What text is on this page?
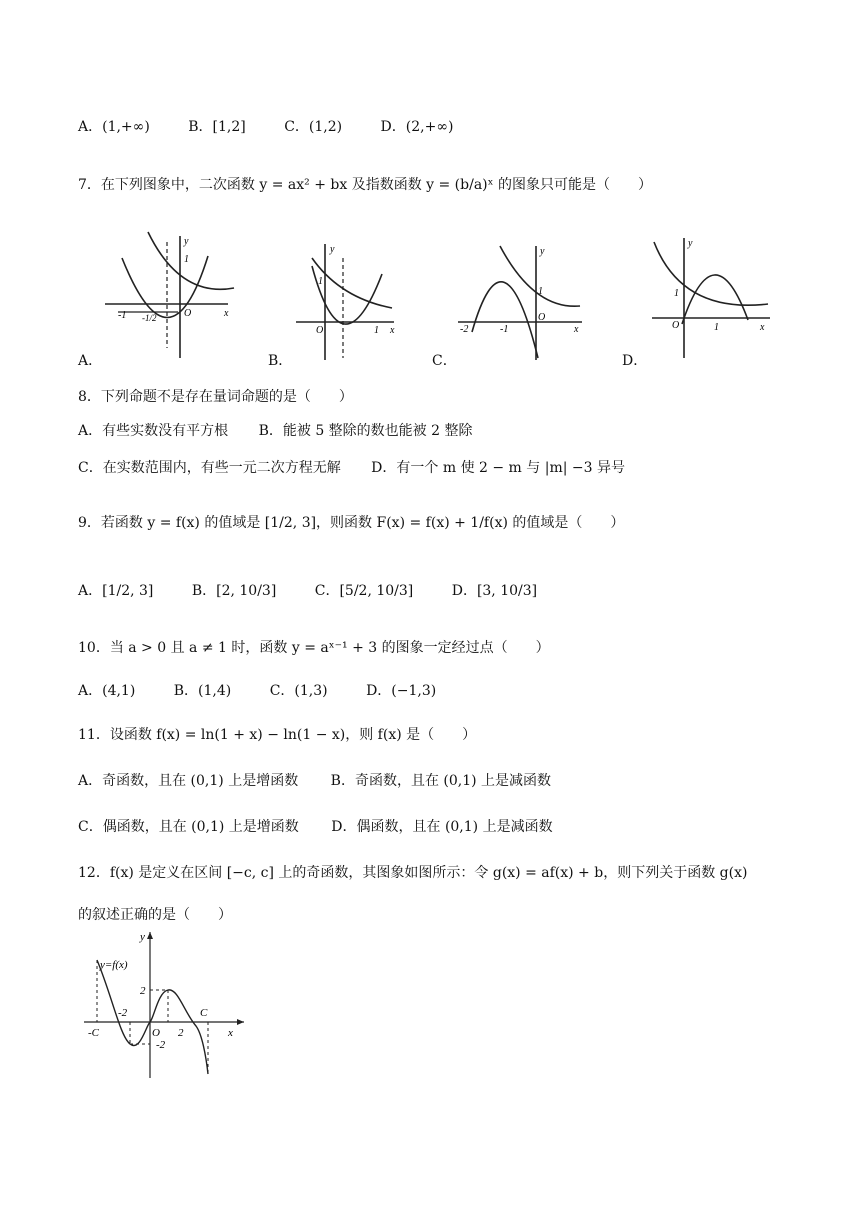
A．(1,+∞)	B．[1,2]	C．(1,2)	D．(2,+∞)
7．在下列图象中，二次函数 y = ax² + bx 及指数函数 y = (b/a)ˣ 的图象只可能是（　　）
-1 -1/2	O
1
x
y
A．
O
1
1 x
y
B．
-2	-1
O
1
x
y
C．
O
1
1	x
y
D．
8．下列命题不是存在量词命题的是（　　）
A．有些实数没有平方根 B．能被 5 整除的数也能被 2 整除
C．在实数范围内，有些一元二次方程无解 D．有一个 m 使 2 − m 与 |m| −3 异号
9．若函数 y = f(x) 的值域是 [1/2, 3]，则函数 F(x) = f(x) + 1/f(x) 的值域是（　　）
A．[1/2, 3]	B．[2, 10/3]	C．[5/2, 10/3]	D．[3, 10/3]
10．当 a > 0 且 a ≠ 1 时，函数 y = aˣ⁻¹ + 3 的图象一定经过点（　　）
A．(4,1)	B．(1,4)	C．(1,3)	D．(−1,3)
11．设函数 f(x) = ln(1 + x) − ln(1 − x)，则 f(x) 是（　　）
A．奇函数，且在 (0,1) 上是增函数 B．奇函数，且在 (0,1) 上是减函数
C．偶函数，且在 (0,1) 上是增函数 D．偶函数，且在 (0,1) 上是减函数
12．f(x) 是定义在区间 [−c, c] 上的奇函数，其图象如图所示：令 g(x) = af(x) + b，则下列关于函数 g(x)
的叙述正确的是（　　）
y
y=f(x)
2
-2
-C	O
-2
2
C
x
